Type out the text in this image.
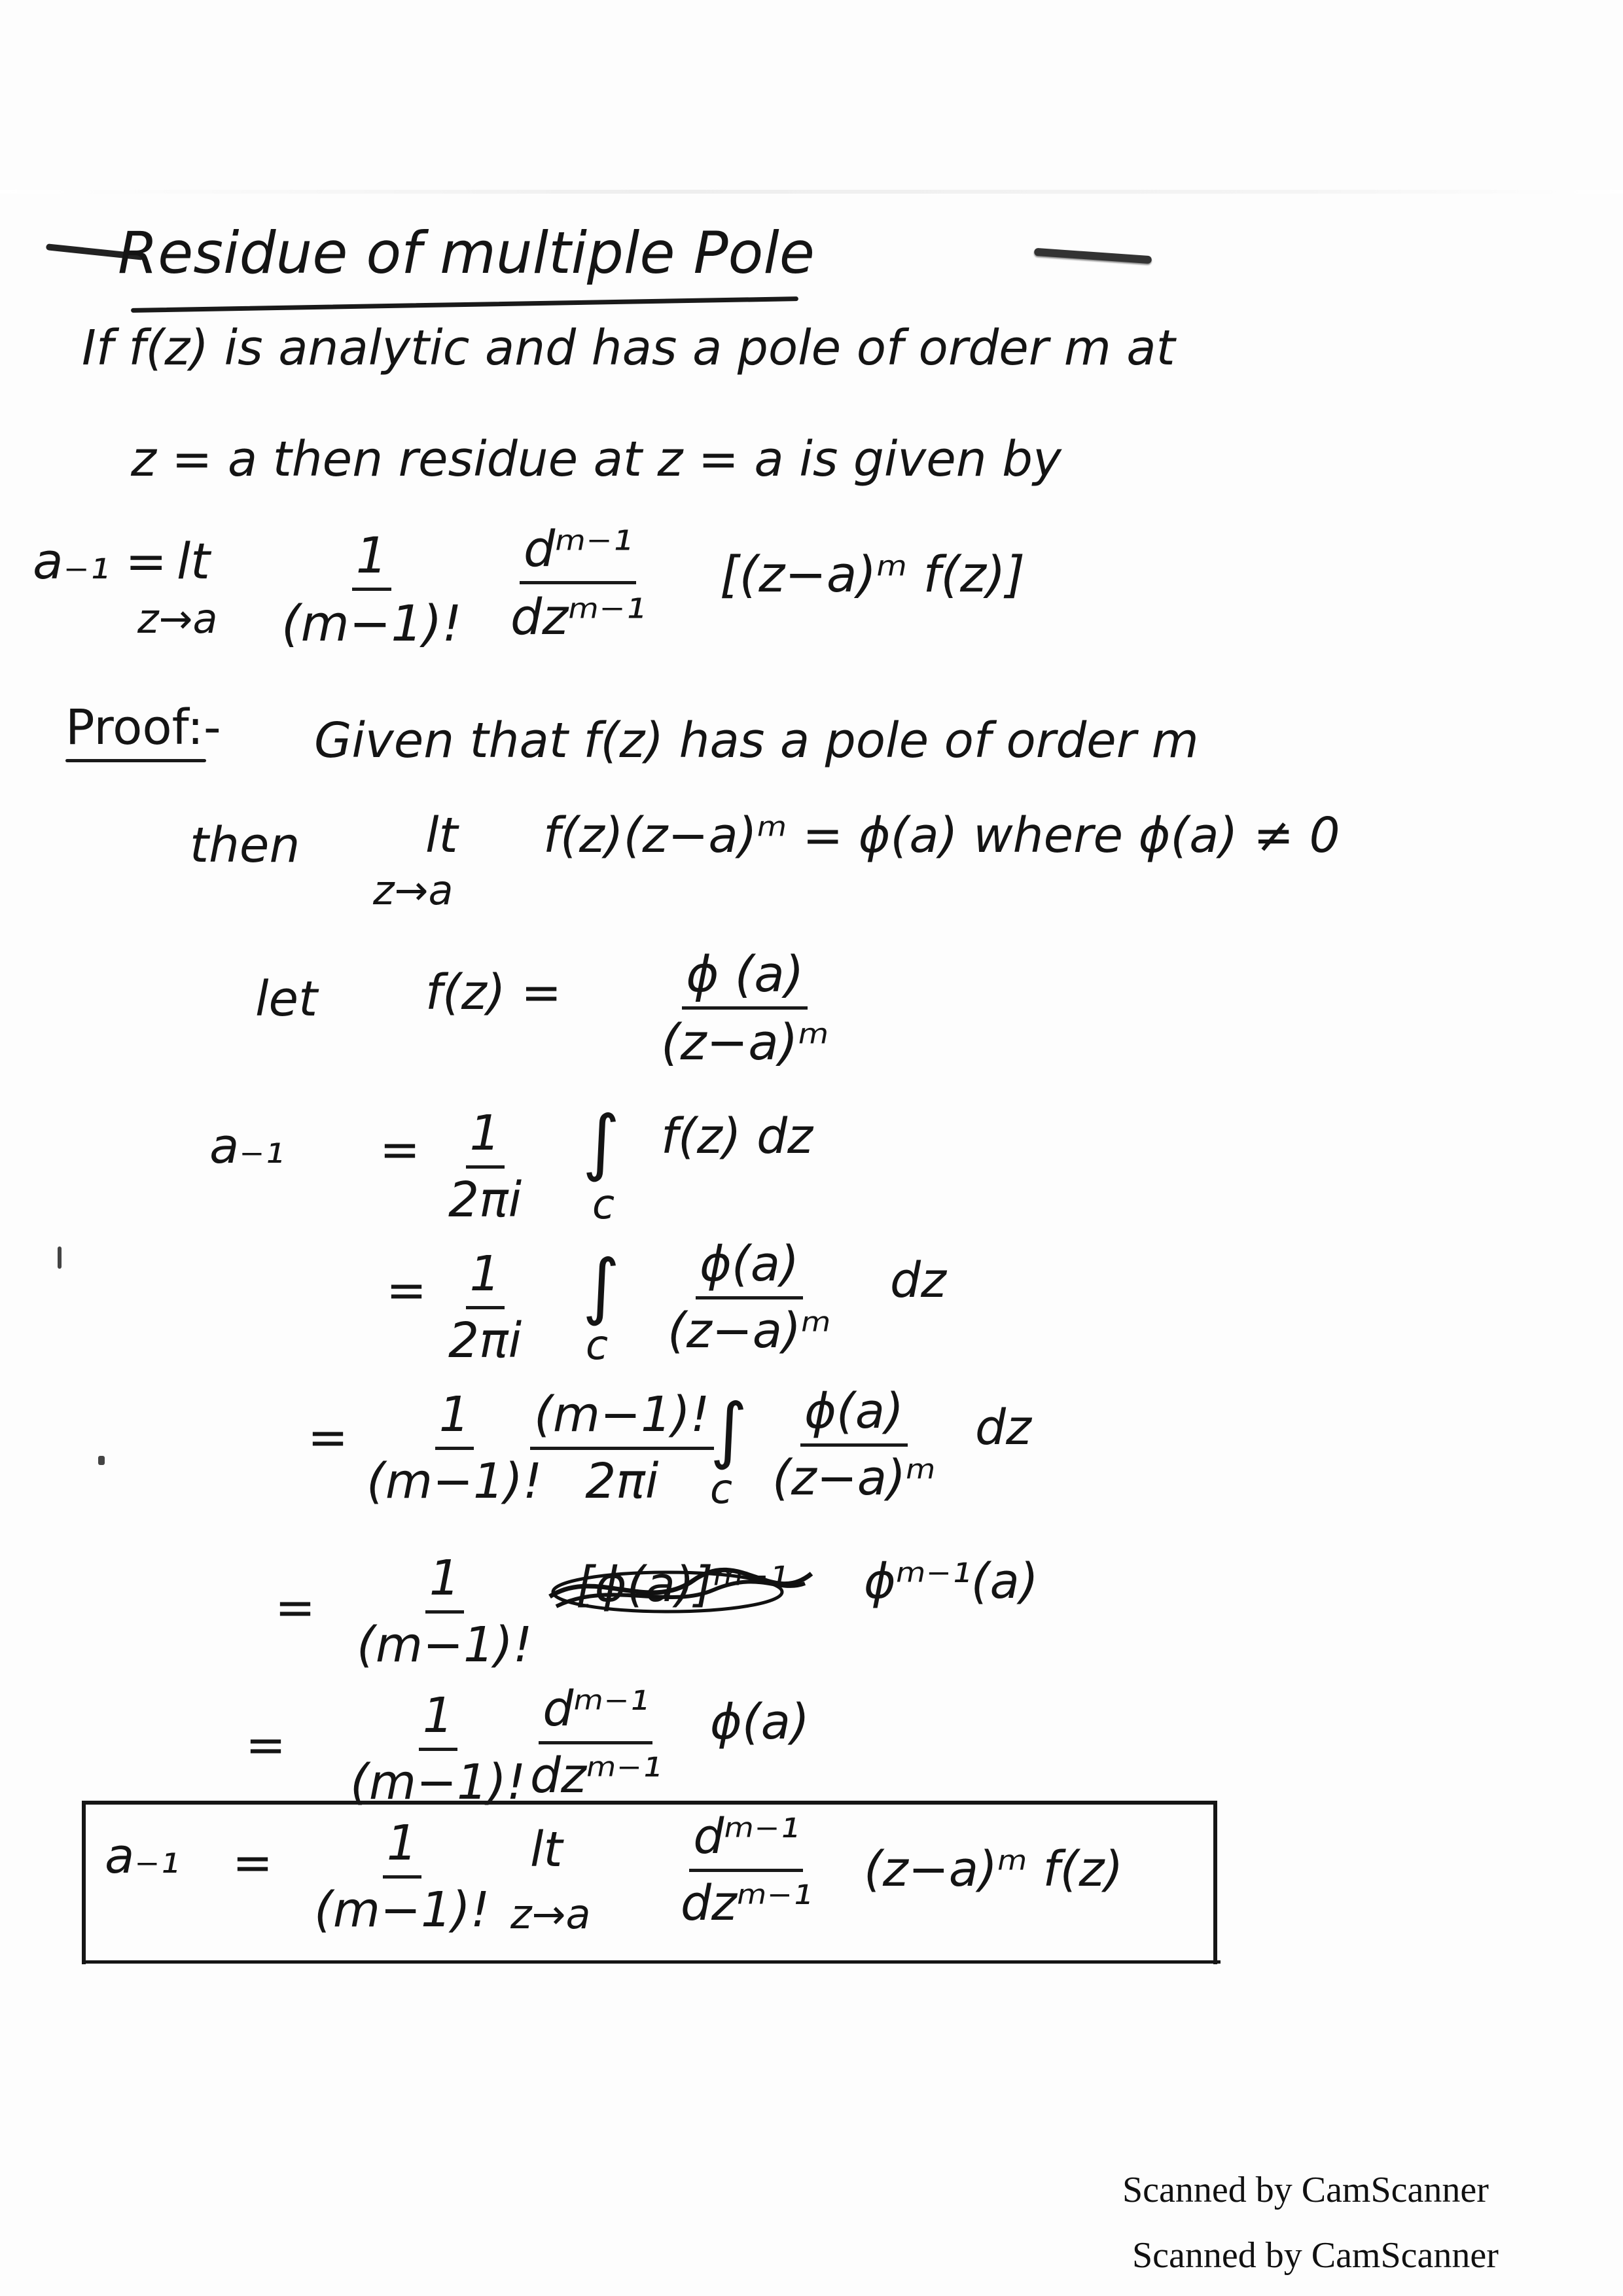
Residue of multiple Pole
If f(z) is analytic and has a pole of order m at
z = a then residue at z = a is given by
a₋₁ = lt
$z\to a \frac{1}{(m-1)!}$ dᵐ⁻¹
dzᵐ⁻¹
[(z−a)ᵐ f(z)]
Proof:- Given that f(z) has a pole of order m
then	lt
z→a
f(z)(z−a)ᵐ = ϕ(a) where ϕ(a) ≠ 0
let $f(z) = \frac{\phi (a)}{\text{(z−a)ᵐ}}$
$a_{-1} = \frac{1}{2\pi i}$ ∫
c
f(z) dz
= $\frac{1}{2\pi i}$ ∫
c $\frac{\phi(a)}{\text{(z−a)ᵐ}}$ dz
= $\frac{1}{(m-1)!}$
$\frac{(m-1)!}{2\pi i}$
∫
c $\frac{\phi(a)}{\text{(z−a)ᵐ}}$ dz
= $\frac{1}{(m-1)!}$ [ϕ(a)]ᵐ⁻¹ ϕᵐ⁻¹(a)
= $\frac{1}{(m-1)!}$ dᵐ⁻¹
dzᵐ⁻¹
ϕ(a)
$a_{-1} = \frac{1}{(m-1)!}$ lt
z→a
dᵐ⁻¹
dzᵐ⁻¹
(z−a)ᵐ f(z)
Scanned by CamScanner
Scanned by CamScanner
